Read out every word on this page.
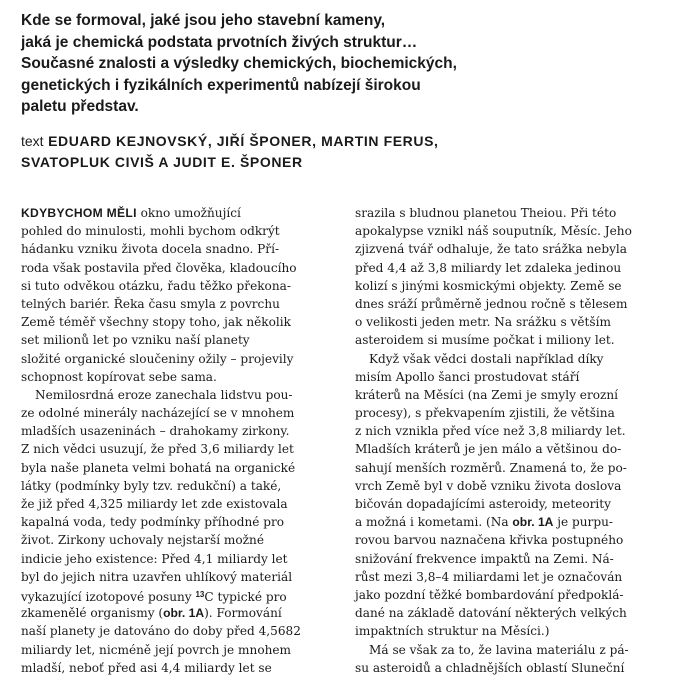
Kde se formoval, jaké jsou jeho stavební kameny,
jaká je chemická podstata prvotních živých struktur…
Současné znalosti a výsledky chemických, biochemických,
genetických i fyzikálních experimentů nabízejí širokou
paletu představ.
text EDUARD KEJNOVSKÝ, JIŘÍ ŠPONER, MARTIN FERUS,
SVATOPLUK CIVIŠ A JUDIT E. ŠPONER
KDYBYCHOM MĚLI okno umožňující
pohled do minulosti, mohli bychom odkrýt
hádanku vzniku života docela snadno. Pří-
roda však postavila před člověka, kladoucího
si tuto odvěkou otázku, řadu těžko překona-
telných bariér. Řeka času smyla z povrchu
Země téměř všechny stopy toho, jak několik
set milionů let po vzniku naší planety
složité organické sloučeniny ožily – projevily
schopnost kopírovat sebe sama.
Nemilosrdná eroze zanechala lidstvu pou-
ze odolné minerály nacházející se v mnohem
mladších usazeninách – drahokamy zirkony.
Z nich vědci usuzují, že před 3,6 miliardy let
byla naše planeta velmi bohatá na organické
látky (podmínky byly tzv. redukční) a také,
že již před 4,325 miliardy let zde existovala
kapalná voda, tedy podmínky příhodné pro
život. Zirkony uchovaly nejstarší možné
indicie jeho existence: Před 4,1 miliardy let
byl do jejich nitra uzavřen uhlíkový materiál
vykazující izotopové posuny $^{13}$C typické pro
zkamenělé organismy (obr. 1A). Formování
naší planety je datováno do doby před 4,5682
miliardy let, nicméně její povrch je mnohem
mladší, neboť před asi 4,4 miliardy let se
srazila s bludnou planetou Theiou. Při této
apokalypse vznikl náš souputník, Měsíc. Jeho
zjizvená tvář odhaluje, že tato srážka nebyla
před 4,4 až 3,8 miliardy let zdaleka jedinou
kolizí s jinými kosmickými objekty. Země se
dnes sráží průměrně jednou ročně s tělesem
o velikosti jeden metr. Na srážku s větším
asteroidem si musíme počkat i miliony let.
Když však vědci dostali například díky
misím Apollo šanci prostudovat stáří
kráterů na Měsíci (na Zemi je smyly erozní
procesy), s překvapením zjistili, že většina
z nich vznikla před více než 3,8 miliardy let.
Mladších kráterů je jen málo a většinou do-
sahují menších rozměrů. Znamená to, že po-
vrch Země byl v době vzniku života doslova
bičován dopadajícími asteroidy, meteority
a možná i kometami. (Na obr. 1A je purpu-
rovou barvou naznačena křivka postupného
snižování frekvence impaktů na Zemi. Ná-
růst mezi 3,8–4 miliardami let je označován
jako pozdní těžké bombardování předpoklá-
dané na základě datování některých velkých
impaktních struktur na Měsíci.)
Má se však za to, že lavina materiálu z pá-
su asteroidů a chladnějších oblastí Sluneční
